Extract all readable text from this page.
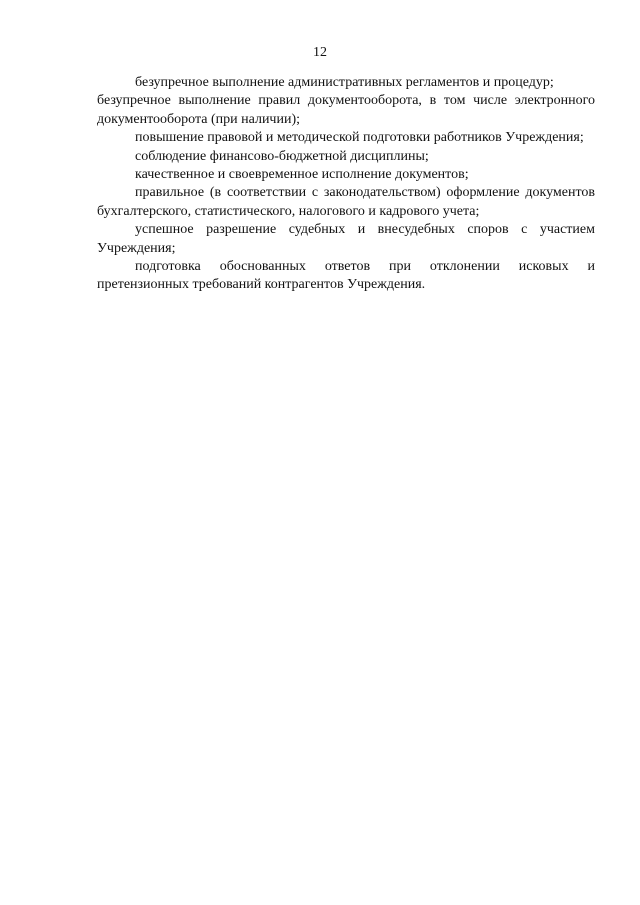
12

безупречное выполнение административных регламентов и процедур;

безупречное выполнение правил документооборота, в том числе электронного документооборота (при наличии);

повышение правовой и методической подготовки работников Учреждения;

соблюдение финансово-бюджетной дисциплины;

качественное и своевременное исполнение документов;

правильное (в соответствии с законодательством) оформление документов бухгалтерского, статистического, налогового и кадрового учета;

успешное разрешение судебных и внесудебных споров с участием Учреждения;

подготовка обоснованных ответов при отклонении исковых и претензионных требований контрагентов Учреждения.
